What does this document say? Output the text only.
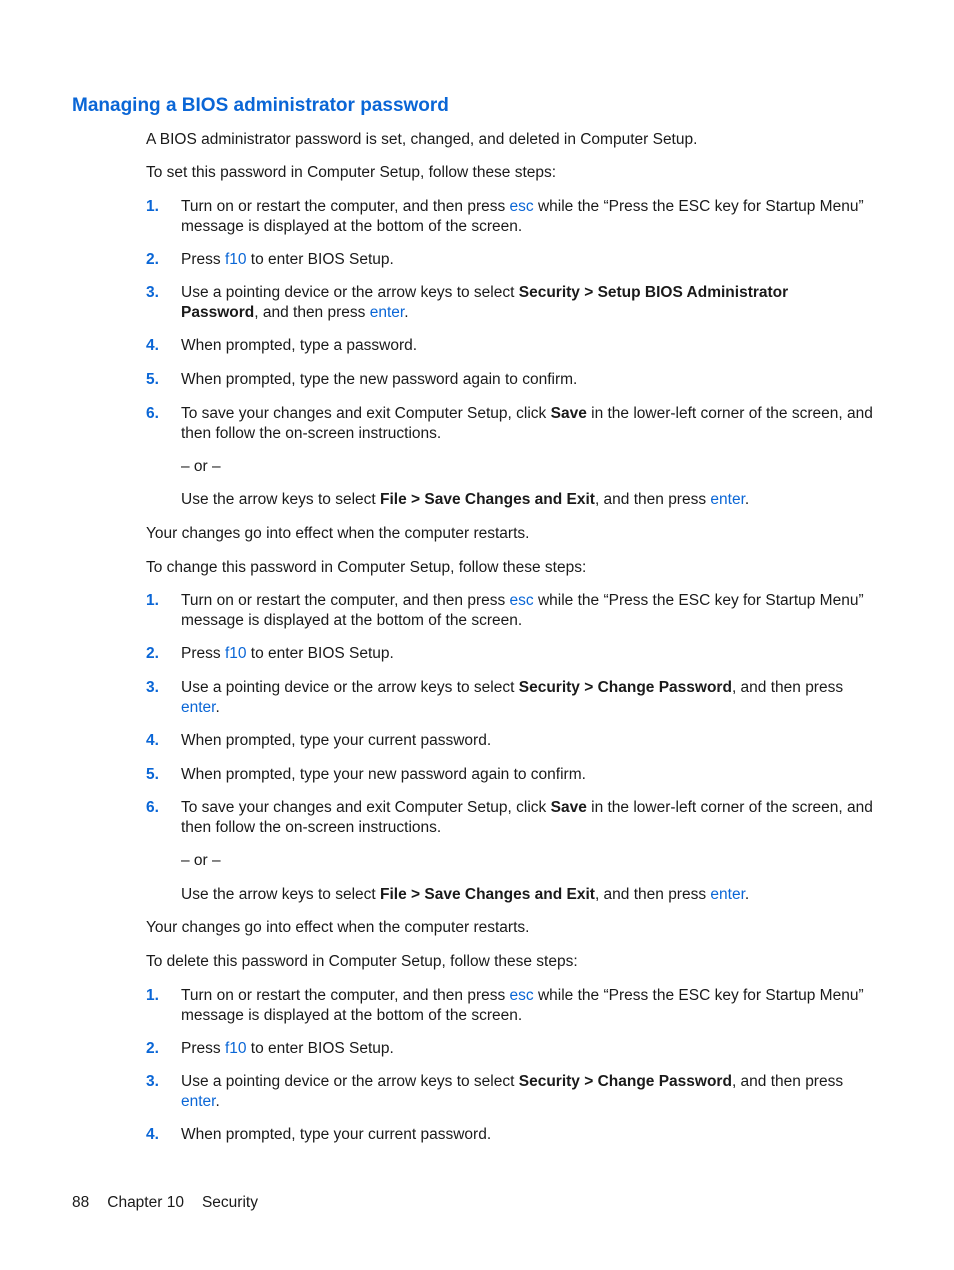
Managing a BIOS administrator password

A BIOS administrator password is set, changed, and deleted in Computer Setup.

To set this password in Computer Setup, follow these steps:

1. Turn on or restart the computer, and then press esc while the “Press the ESC key for Startup Menu” message is displayed at the bottom of the screen.

2. Press f10 to enter BIOS Setup.

3. Use a pointing device or the arrow keys to select Security > Setup BIOS Administrator Password, and then press enter.

4. When prompted, type a password.

5. When prompted, type the new password again to confirm.

6. To save your changes and exit Computer Setup, click Save in the lower-left corner of the screen, and then follow the on-screen instructions.

– or –

Use the arrow keys to select File > Save Changes and Exit, and then press enter.

Your changes go into effect when the computer restarts.

To change this password in Computer Setup, follow these steps:

1. Turn on or restart the computer, and then press esc while the “Press the ESC key for Startup Menu” message is displayed at the bottom of the screen.

2. Press f10 to enter BIOS Setup.

3. Use a pointing device or the arrow keys to select Security > Change Password, and then press enter.

4. When prompted, type your current password.

5. When prompted, type your new password again to confirm.

6. To save your changes and exit Computer Setup, click Save in the lower-left corner of the screen, and then follow the on-screen instructions.

– or –

Use the arrow keys to select File > Save Changes and Exit, and then press enter.

Your changes go into effect when the computer restarts.

To delete this password in Computer Setup, follow these steps:

1. Turn on or restart the computer, and then press esc while the “Press the ESC key for Startup Menu” message is displayed at the bottom of the screen.

2. Press f10 to enter BIOS Setup.

3. Use a pointing device or the arrow keys to select Security > Change Password, and then press enter.

4. When prompted, type your current password.

88 Chapter 10 Security
